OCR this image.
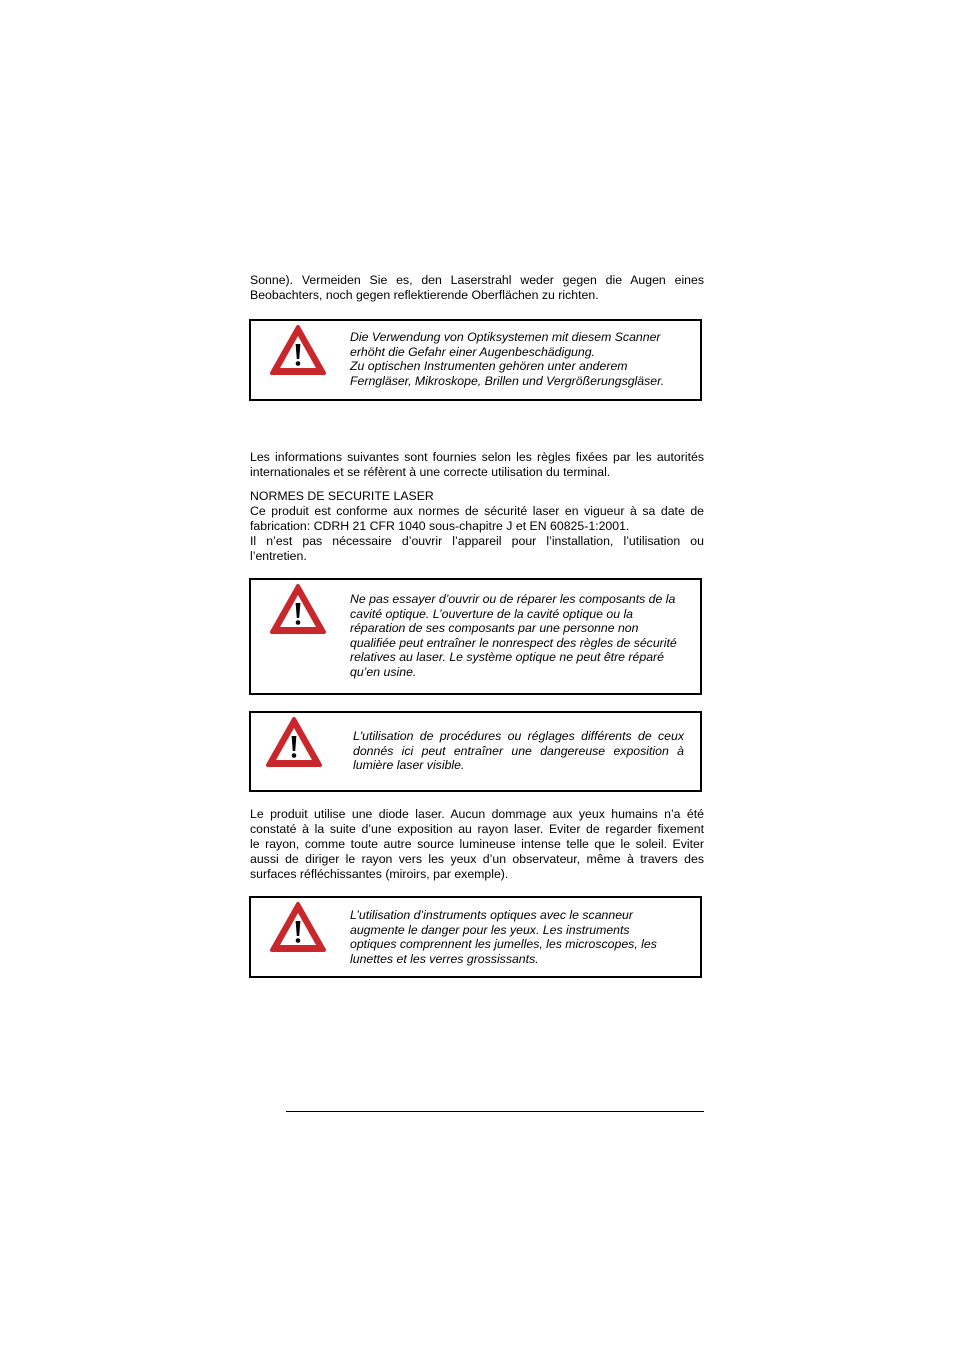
Sonne). Vermeiden Sie es, den Laserstrahl weder gegen die Augen eines
Beobachters, noch gegen reflektierende Oberflächen zu richten.

Die Verwendung von Optiksystemen mit diesem Scanner
erhöht die Gefahr einer Augenbeschädigung.
Zu optischen Instrumenten gehören unter anderem
Ferngläser, Mikroskope, Brillen und Vergrößerungsgläser.

Les informations suivantes sont fournies selon les règles fixées par les autorités
internationales et se réfèrent à une correcte utilisation du terminal.

NORMES DE SECURITE LASER
Ce produit est conforme aux normes de sécurité laser en vigueur à sa date de
fabrication: CDRH 21 CFR 1040 sous-chapitre J et EN 60825-1:2001.
Il n’est pas nécessaire d’ouvrir l’appareil pour l’installation, l’utilisation ou
l’entretien.

Ne pas essayer d’ouvrir ou de réparer les composants de la
cavité optique. L’ouverture de la cavité optique ou la
réparation de ses composants par une personne non
qualifiée peut entraîner le nonrespect des règles de sécurité
relatives au laser. Le système optique ne peut être réparé
qu’en usine.
L'utilisation de procédures ou réglages différents de ceux
donnés ici peut entraîner une dangereuse exposition à
lumière laser visible.

Le produit utilise une diode laser. Aucun dommage aux yeux humains n’a été
constaté à la suite d’une exposition au rayon laser. Eviter de regarder fixement
le rayon, comme toute autre source lumineuse intense telle que le soleil. Eviter
aussi de diriger le rayon vers les yeux d’un observateur, même à travers des
surfaces réfléchissantes (miroirs, par exemple).

L’utilisation d’instruments optiques avec le scanneur
augmente le danger pour les yeux. Les instruments
optiques comprennent les jumelles, les microscopes, les
lunettes et les verres grossissants.
